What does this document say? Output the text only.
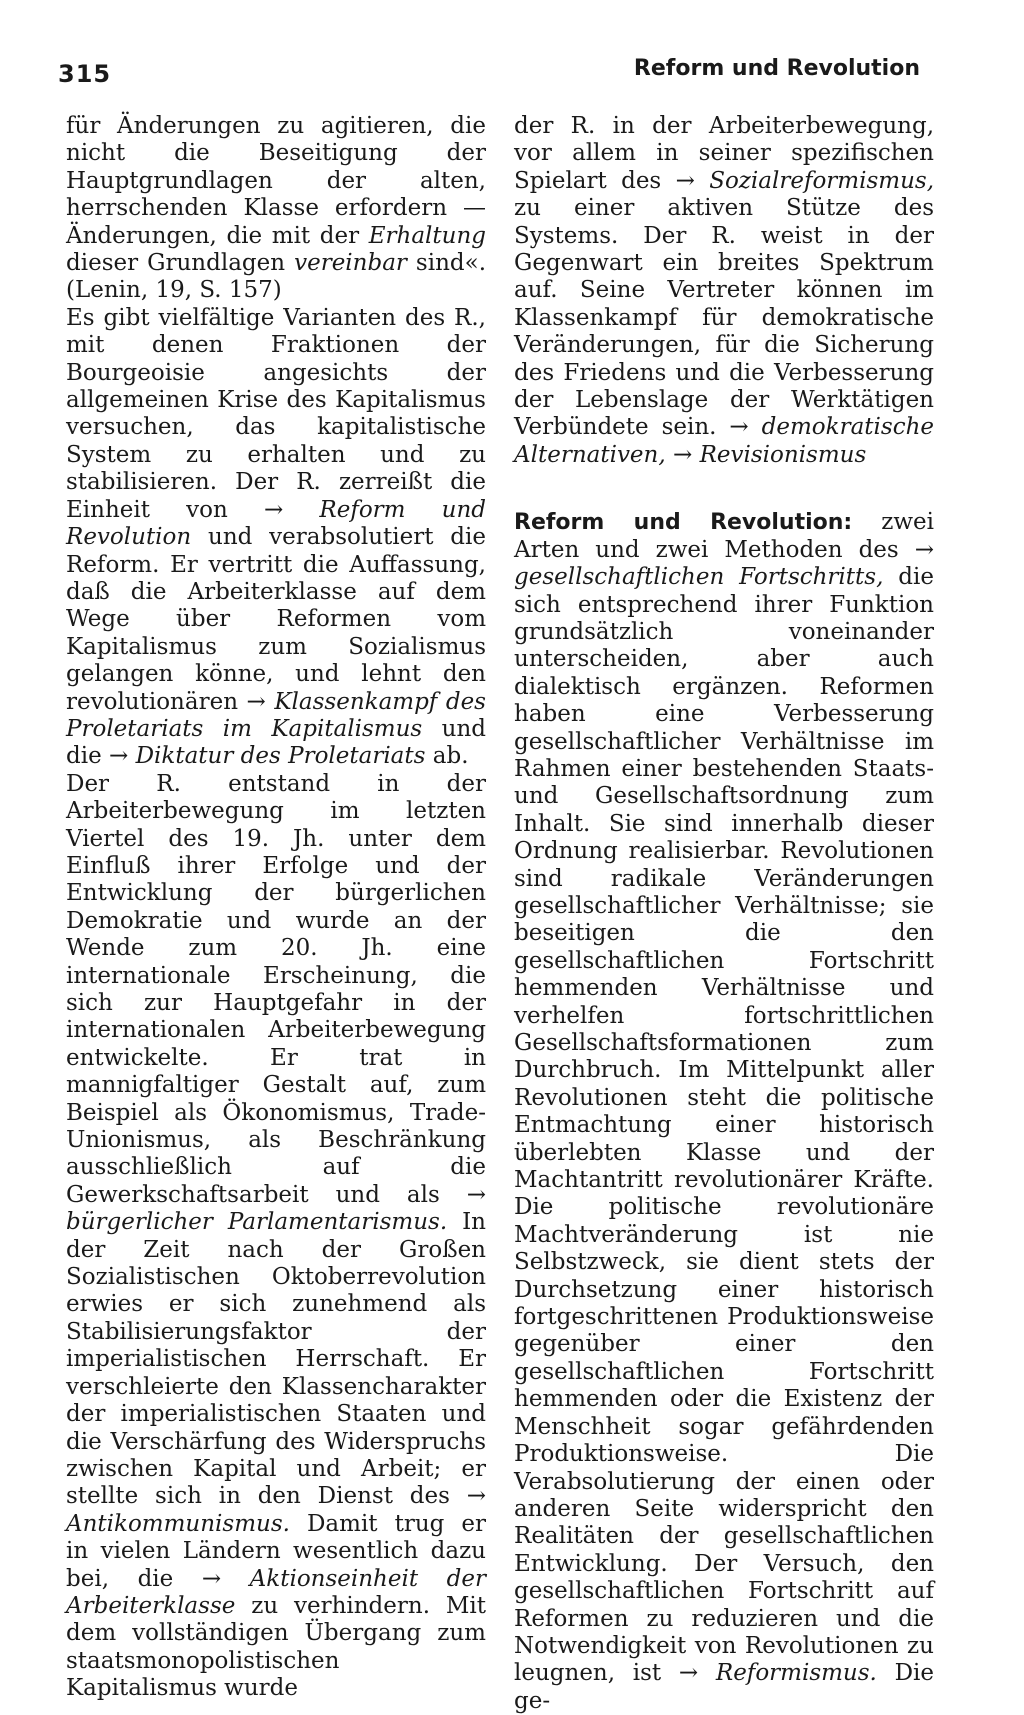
315	Reform und Revolution

für Änderungen zu agitieren, die nicht die Beseitigung der Hauptgrundlagen der alten, herrschenden Klasse erfordern — Änderungen, die mit der Erhaltung dieser Grundlagen vereinbar sind«. (Lenin, 19, S. 157)

Es gibt vielfältige Varianten des R., mit denen Fraktionen der Bourgeoisie angesichts der allgemeinen Krise des Kapitalismus versuchen, das kapitalistische System zu erhalten und zu stabilisieren. Der R. zerreißt die Einheit von → Reform und Revolution und verabsolutiert die Reform. Er vertritt die Auffassung, daß die Arbeiterklasse auf dem Wege über Reformen vom Kapitalismus zum Sozialismus gelangen könne, und lehnt den revolutionären → Klassenkampf des Proletariats im Kapitalismus und die → Diktatur des Proletariats ab.

Der R. entstand in der Arbeiterbewegung im letzten Viertel des 19. Jh. unter dem Einfluß ihrer Erfolge und der Entwicklung der bürgerlichen Demokratie und wurde an der Wende zum 20. Jh. eine internationale Erscheinung, die sich zur Hauptgefahr in der internationalen Arbeiterbewegung entwickelte. Er trat in mannigfaltiger Gestalt auf, zum Beispiel als Ökonomismus, Trade-Unionismus, als Beschränkung ausschließlich auf die Gewerkschaftsarbeit und als → bürgerlicher Parlamentarismus. In der Zeit nach der Großen Sozialistischen Oktoberrevolution erwies er sich zunehmend als Stabilisierungsfaktor der imperialistischen Herrschaft. Er verschleierte den Klassencharakter der imperialistischen Staaten und die Verschärfung des Widerspruchs zwischen Kapital und Arbeit; er stellte sich in den Dienst des → Antikommunismus. Damit trug er in vielen Ländern wesentlich dazu bei, die → Aktionseinheit der Arbeiterklasse zu verhindern. Mit dem vollständigen Übergang zum staatsmonopolistischen Kapitalismus wurde

der R. in der Arbeiterbewegung, vor allem in seiner spezifischen Spielart des → Sozialreformismus, zu einer aktiven Stütze des Systems. Der R. weist in der Gegenwart ein breites Spektrum auf. Seine Vertreter können im Klassenkampf für demokratische Veränderungen, für die Sicherung des Friedens und die Verbesserung der Lebenslage der Werktätigen Verbündete sein. → demokratische Alternativen, → Revisionismus

Reform und Revolution: zwei Arten und zwei Methoden des → gesellschaftlichen Fortschritts, die sich entsprechend ihrer Funktion grundsätzlich voneinander unterscheiden, aber auch dialektisch ergänzen. Reformen haben eine Verbesserung gesellschaftlicher Verhältnisse im Rahmen einer bestehenden Staats- und Gesellschaftsordnung zum Inhalt. Sie sind innerhalb dieser Ordnung realisierbar. Revolutionen sind radikale Veränderungen gesellschaftlicher Verhältnisse; sie beseitigen die den gesellschaftlichen Fortschritt hemmenden Verhältnisse und verhelfen fortschrittlichen Gesellschaftsformationen zum Durchbruch. Im Mittelpunkt aller Revolutionen steht die politische Entmachtung einer historisch überlebten Klasse und der Machtantritt revolutionärer Kräfte. Die politische revolutionäre Machtveränderung ist nie Selbstzweck, sie dient stets der Durchsetzung einer historisch fortgeschrittenen Produktionsweise gegenüber einer den gesellschaftlichen Fortschritt hemmenden oder die Existenz der Menschheit sogar gefährdenden Produktionsweise. Die Verabsolutierung der einen oder anderen Seite widerspricht den Realitäten der gesellschaftlichen Entwicklung. Der Versuch, den gesellschaftlichen Fortschritt auf Reformen zu reduzieren und die Notwendigkeit von Revolutionen zu leugnen, ist → Reformismus. Die ge-
